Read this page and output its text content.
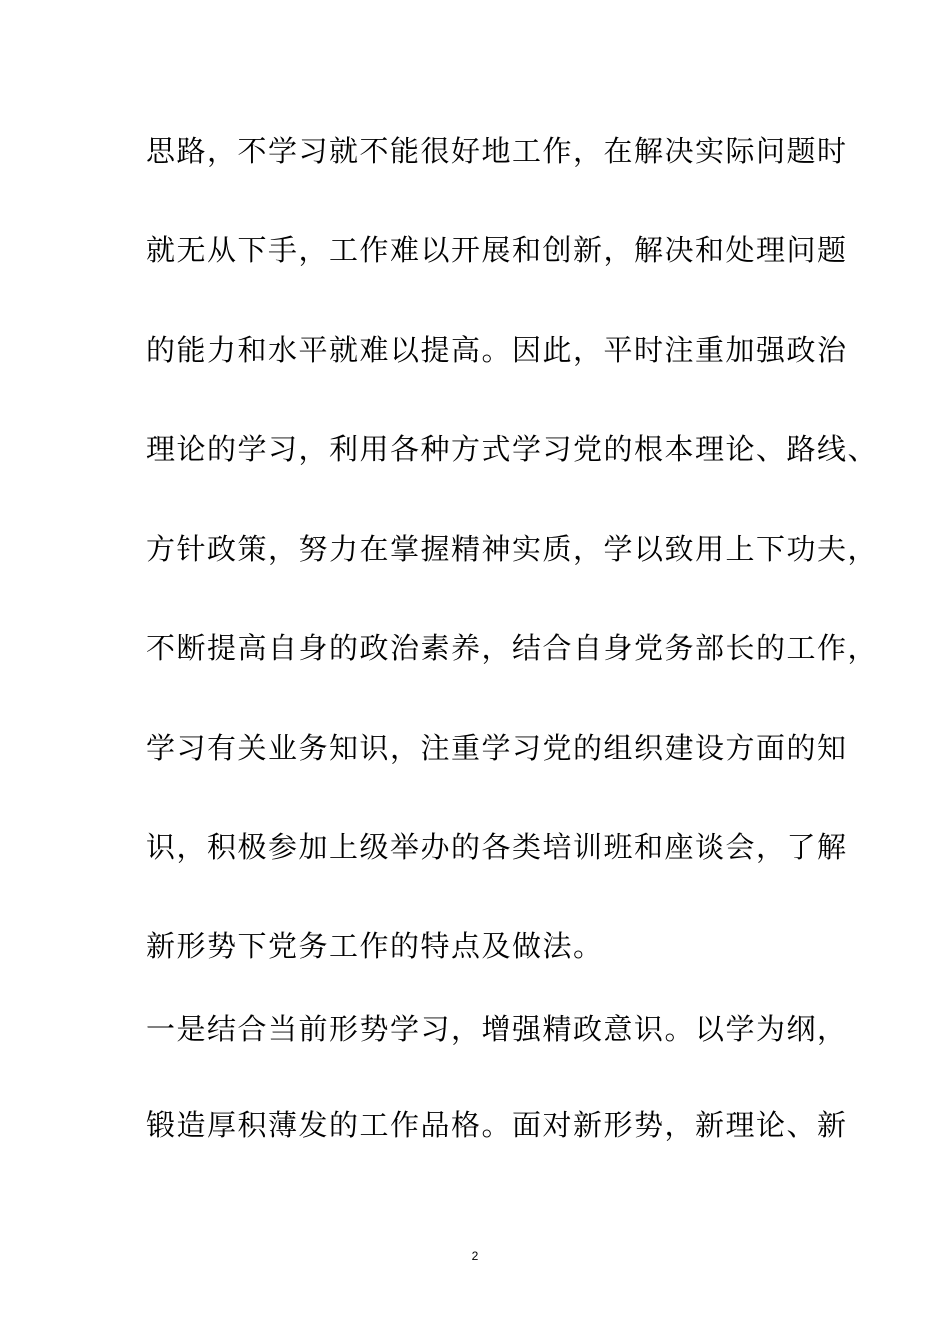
思路，不学习就不能很好地工作，在解决实际问题时
就无从下手，工作难以开展和创新，解决和处理问题
的能力和水平就难以提高。因此，平时注重加强政治
理论的学习，利用各种方式学习党的根本理论、路线、
方针政策，努力在掌握精神实质，学以致用上下功夫，
不断提高自身的政治素养，结合自身党务部长的工作，
学习有关业务知识，注重学习党的组织建设方面的知
识，积极参加上级举办的各类培训班和座谈会，了解
新形势下党务工作的特点及做法。
一是结合当前形势学习，增强精政意识。以学为纲，
锻造厚积薄发的工作品格。面对新形势，新理论、新
2
